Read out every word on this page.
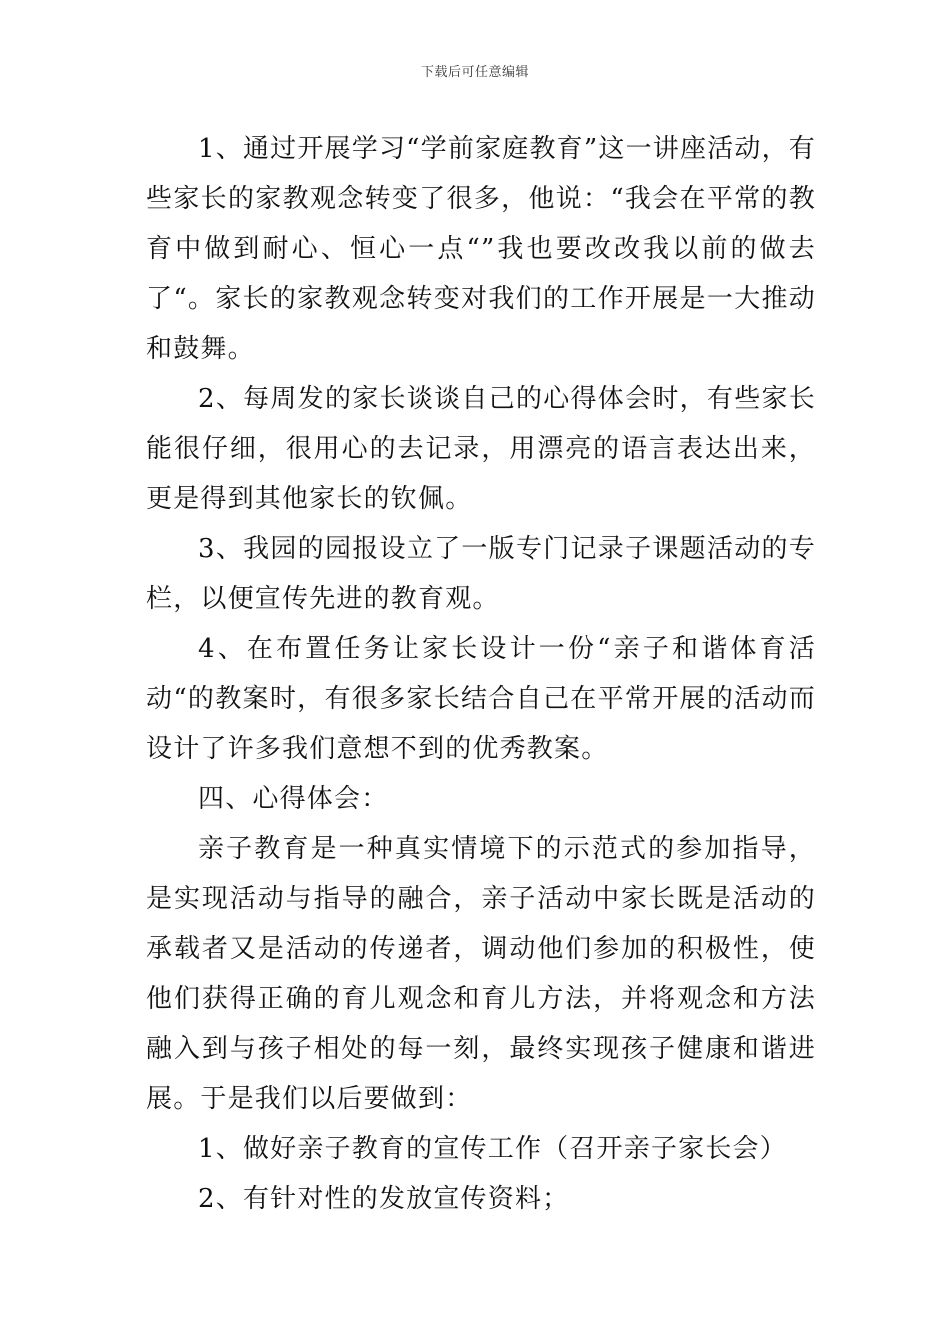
下载后可任意编辑

1、通过开展学习“学前家庭教育”这一讲座活动，有些家长的家教观念转变了很多，他说：“我会在平常的教育中做到耐心、恒心一点“”我也要改改我以前的做去了“。家长的家教观念转变对我们的工作开展是一大推动和鼓舞。

2、每周发的家长谈谈自己的心得体会时，有些家长能很仔细，很用心的去记录，用漂亮的语言表达出来，更是得到其他家长的钦佩。

3、我园的园报设立了一版专门记录子课题活动的专栏，以便宣传先进的教育观。

4、在布置任务让家长设计一份“亲子和谐体育活动“的教案时，有很多家长结合自己在平常开展的活动而设计了许多我们意想不到的优秀教案。

四、心得体会：

亲子教育是一种真实情境下的示范式的参加指导，是实现活动与指导的融合，亲子活动中家长既是活动的承载者又是活动的传递者，调动他们参加的积极性，使他们获得正确的育儿观念和育儿方法，并将观念和方法融入到与孩子相处的每一刻，最终实现孩子健康和谐进展。于是我们以后要做到：

1、做好亲子教育的宣传工作（召开亲子家长会）

2、有针对性的发放宣传资料；
